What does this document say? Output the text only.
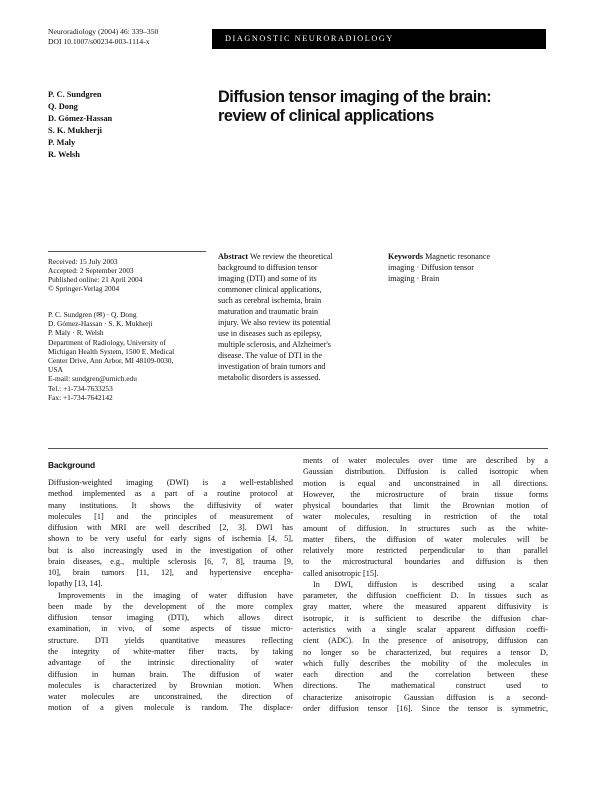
Neuroradiology (2004) 46: 339–350
DOI 10.1007/s00234-003-1114-x	DIAGNOSTIC NEURORADIOLOGY
P. C. Sundgren
Q. Dong
D. Gómez-Hassan
S. K. Mukherji
P. Maly
R. Welsh
Diffusion tensor imaging of the brain:
review of clinical applications
Received: 15 July 2003
Accepted: 2 September 2003
Published online: 21 April 2004
© Springer-Verlag 2004
P. C. Sundgren (✉) · Q. Dong
D. Gómez-Hassan · S. K. Mukherji
P. Maly · R. Welsh
Department of Radiology, University of
Michigan Health System, 1500 E. Medical
Center Drive, Ann Arbor, MI 48109-0030,
USA
E-mail: sundgren@umich.edu
Tel.: +1-734-7633253
Fax: +1-734-7642142
Abstract We review the theoretical
background to diffusion tensor
imaging (DTI) and some of its
commoner clinical applications,
such as cerebral ischemia, brain
maturation and traumatic brain
injury. We also review its potential
use in diseases such as epilepsy,
multiple sclerosis, and Alzheimer's
disease. The value of DTI in the
investigation of brain tumors and
metabolic disorders is assessed.
Keywords Magnetic resonance
imaging · Diffusion tensor
imaging · Brain
Background
Diffusion-weighted imaging (DWI) is a well-established
method implemented as a part of a routine protocol at
many institutions. It shows the diffusivity of water
molecules [1] and the principles of measurement of
diffusion with MRI are well described [2, 3]. DWI has
shown to be very useful for early signs of ischemia [4, 5],
but is also increasingly used in the investigation of other
brain diseases, e.g., multiple sclerosis [6, 7, 8], trauma [9,
10], brain tumors [11, 12], and hypertensive encepha-
lopathy [13, 14].
Improvements in the imaging of water diffusion have
been made by the development of the more complex
diffusion tensor imaging (DTI), which allows direct
examination, in vivo, of some aspects of tissue micro-
structure. DTI yields quantitative measures reflecting
the integrity of white-matter fiber tracts, by taking
advantage of the intrinsic directionality of water
diffusion in human brain. The diffusion of water
molecules is characterized by Brownian motion. When
water molecules are unconstrained, the direction of
motion of a given molecule is random. The displace-
ments of water molecules over time are described by a
Gaussian distribution. Diffusion is called isotropic when
motion is equal and unconstrained in all directions.
However, the microstructure of brain tissue forms
physical boundaries that limit the Brownian motion of
water molecules, resulting in restriction of the total
amount of diffusion. In structures such as the white-
matter fibers, the diffusion of water molecules will be
relatively more restricted perpendicular to than parallel
to the microstructural boundaries and diffusion is then
called anisotropic [15].
In DWI, diffusion is described using a scalar
parameter, the diffusion coefficient D. In tissues such as
gray matter, where the measured apparent diffusivity is
isotropic, it is sufficient to describe the diffusion char-
acteristics with a single scalar apparent diffusion coeffi-
cient (ADC). In the presence of anisotropy, diffusion can
no longer so be characterized, but requires a tensor D,
which fully describes the mobility of the molecules in
each direction and the correlation between these
directions. The mathematical construct used to
characterize anisotropic Gaussian diffusion is a second-
order diffusion tensor [16]. Since the tensor is symmetric,
